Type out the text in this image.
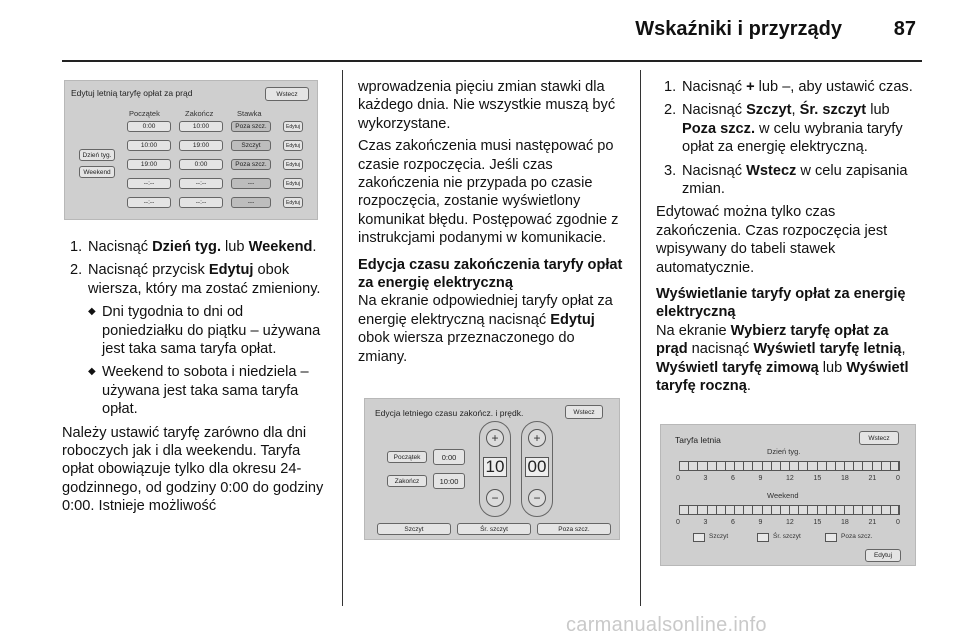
Wskaźniki i przyrządy	87
Edytuj letnią taryfę opłat za prąd	Wstecz
Początek	Zakończ	Stawka
Dzień tyg.
Weekend
0:00	10:00	Poza szcz.	Edytuj
10:00	19:00	Szczyt	Edytuj
19:00	0:00	Poza szcz.	Edytuj
--:--	--:--	---	Edytuj
--:--	--:--	---	Edytuj
1. Nacisnąć Dzień tyg. lub Weekend.
2. Nacisnąć przycisk Edytuj obok wiersza, który ma zostać zmieniony.
◆ Dni tygodnia to dni od poniedziałku do piątku – używana jest taka sama taryfa opłat.
◆ Weekend to sobota i niedziela – używana jest taka sama taryfa opłat.

Należy ustawić taryfę zarówno dla dni roboczych jak i dla weekendu. Taryfa opłat obowiązuje tylko dla okresu 24-godzinnego, od godziny 0:00 do godziny 0:00. Istnieje możliwość

wprowadzenia pięciu zmian stawki dla każdego dnia. Nie wszystkie muszą być wykorzystane.

Czas zakończenia musi następować po czasie rozpoczęcia. Jeśli czas zakończenia nie przypada po czasie rozpoczęcia, zostanie wyświetlony komunikat błędu. Postępować zgodnie z instrukcjami podanymi w komunikacie.

Edycja czasu zakończenia taryfy opłat za energię elektryczną

Na ekranie odpowiedniej taryfy opłat za energię elektryczną nacisnąć Edytuj obok wiersza przeznaczonego do zmiany.

Edycja letniego czasu zakończ. i prędk.	Wstecz
Początek	0:00
Zakończ	10:00
+	+
10 00
−	−
Szczyt	Śr. szczyt	Poza szcz.
1. Nacisnąć + lub –, aby ustawić czas.
2. Nacisnąć Szczyt, Śr. szczyt lub Poza szcz. w celu wybrania taryfy opłat za energię elektryczną.
3. Nacisnąć Wstecz w celu zapisania zmian.

Edytować można tylko czas zakończenia. Czas rozpoczęcia jest wpisywany do tabeli stawek automatycznie.

Wyświetlanie taryfy opłat za energię elektryczną

Na ekranie Wybierz taryfę opłat za prąd nacisnąć Wyświetl taryfę letnią, Wyświetl taryfę zimową lub Wyświetl taryfę roczną.

Taryfa letnia	Wstecz
Dzień tyg.
0	3	6	9	12	15	18	21	0
Weekend
0	3	6	9	12	15	18	21	0
Szczyt	Śr. szczyt	Poza szcz.
Edytuj
carmanualsonline.info
